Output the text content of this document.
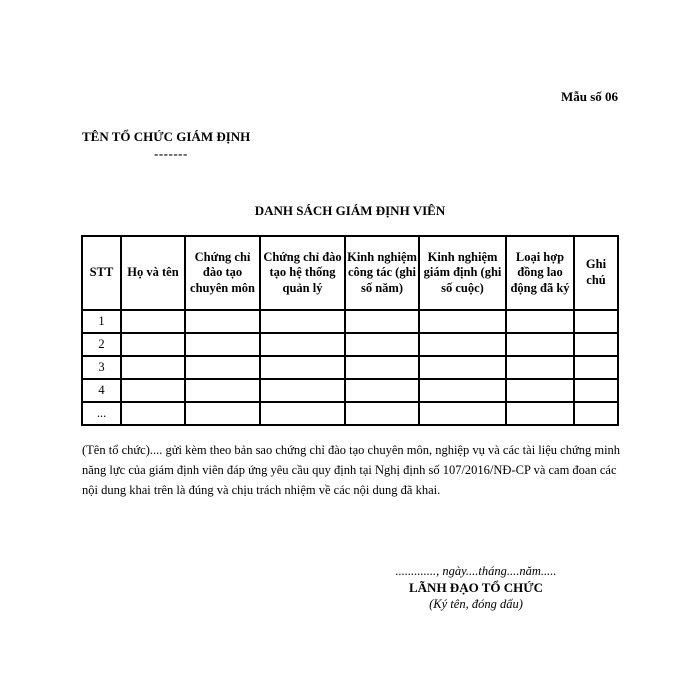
Mẫu số 06
TÊN TỔ CHỨC GIÁM ĐỊNH
-------
DANH SÁCH GIÁM ĐỊNH VIÊN
STT	Họ và tên	Chứng chỉ đào tạo chuyên môn	Chứng chỉ đào tạo hệ thống quản lý	Kinh nghiệm công tác (ghi số năm)	Kinh nghiệm giám định (ghi số cuộc)	Loại hợp đồng lao động đã ký	Ghi chú
1							
2							
3							
4							
...							
(Tên tổ chức).... gửi kèm theo bản sao chứng chỉ đào tạo chuyên môn, nghiệp vụ và các tài liệu chứng minh năng lực của giám định viên đáp ứng yêu cầu quy định tại Nghị định số 107/2016/NĐ-CP và cam đoan các nội dung khai trên là đúng và chịu trách nhiệm về các nội dung đã khai.
............., ngày....tháng....năm.....
LÃNH ĐẠO TỔ CHỨC
(Ký tên, đóng dấu)
